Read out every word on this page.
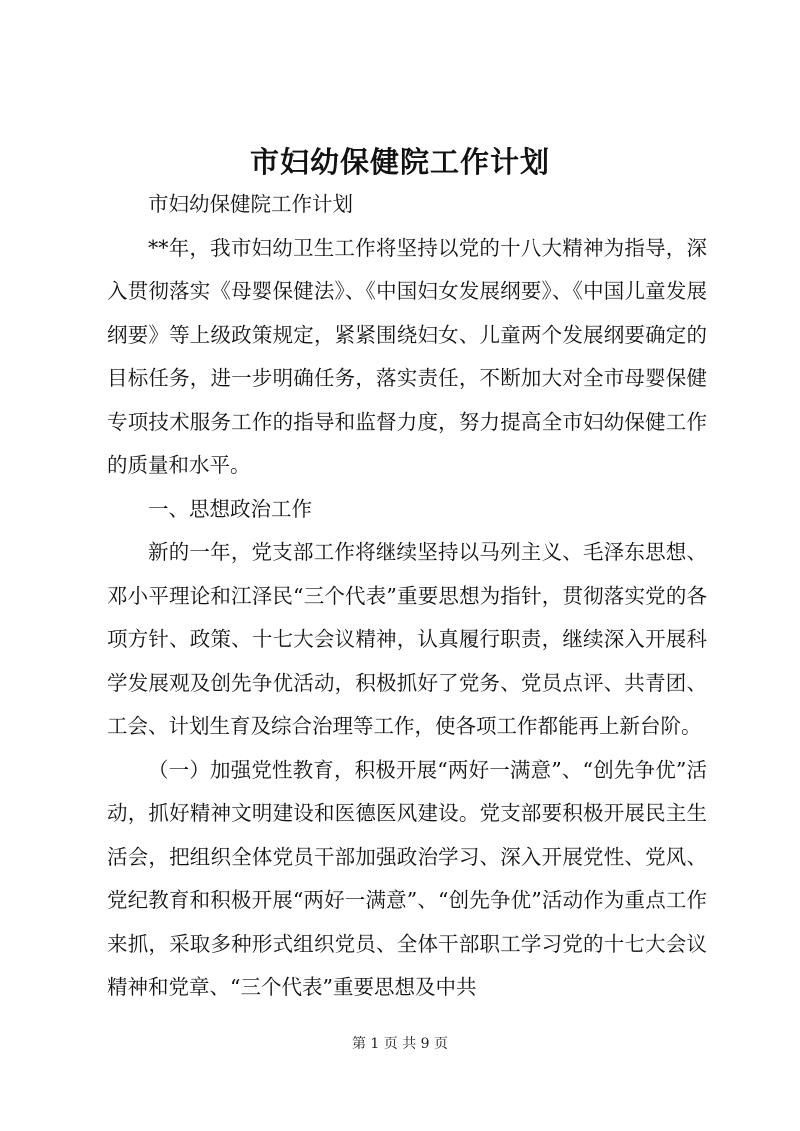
市妇幼保健院工作计划

市妇幼保健院工作计划

**年，我市妇幼卫生工作将坚持以党的十八大精神为指导，深入贯彻落实《母婴保健法》、《中国妇女发展纲要》、《中国儿童发展纲要》等上级政策规定，紧紧围绕妇女、儿童两个发展纲要确定的目标任务，进一步明确任务，落实责任，不断加大对全市母婴保健专项技术服务工作的指导和监督力度，努力提高全市妇幼保健工作的质量和水平。

一、思想政治工作

新的一年，党支部工作将继续坚持以马列主义、毛泽东思想、邓小平理论和江泽民“三个代表”重要思想为指针，贯彻落实党的各项方针、政策、十七大会议精神，认真履行职责，继续深入开展科学发展观及创先争优活动，积极抓好了党务、党员点评、共青团、工会、计划生育及综合治理等工作，使各项工作都能再上新台阶。

（一）加强党性教育，积极开展“两好一满意”、“创先争优”活动，抓好精神文明建设和医德医风建设。党支部要积极开展民主生活会，把组织全体党员干部加强政治学习、深入开展党性、党风、党纪教育和积极开展“两好一满意”、“创先争优”活动作为重点工作来抓，采取多种形式组织党员、全体干部职工学习党的十七大会议精神和党章、“三个代表”重要思想及中共

第 1 页 共 9 页
